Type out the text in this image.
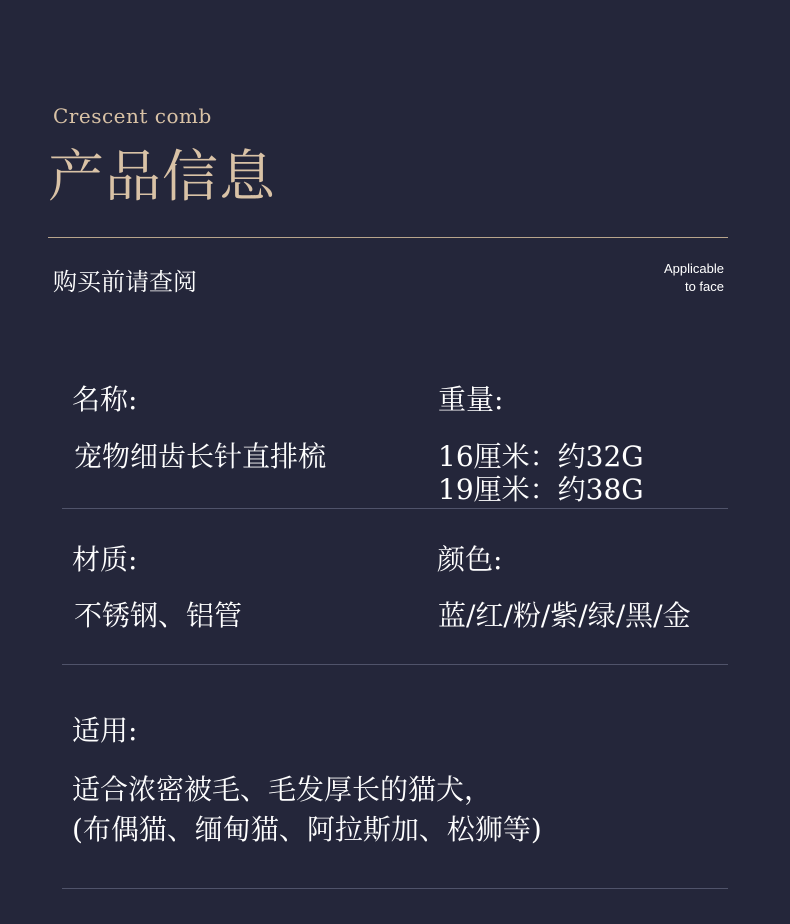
Crescent comb
产品信息
购买前请查阅	Applicable
to face
名称:
宠物细齿长针直排梳
重量:
16厘米：约32G
19厘米：约38G
材质:
不锈钢、铝管
颜色:
蓝/红/粉/紫/绿/黑/金
适用:
适合浓密被毛、毛发厚长的猫犬，
(布偶猫、缅甸猫、阿拉斯加、松狮等)
